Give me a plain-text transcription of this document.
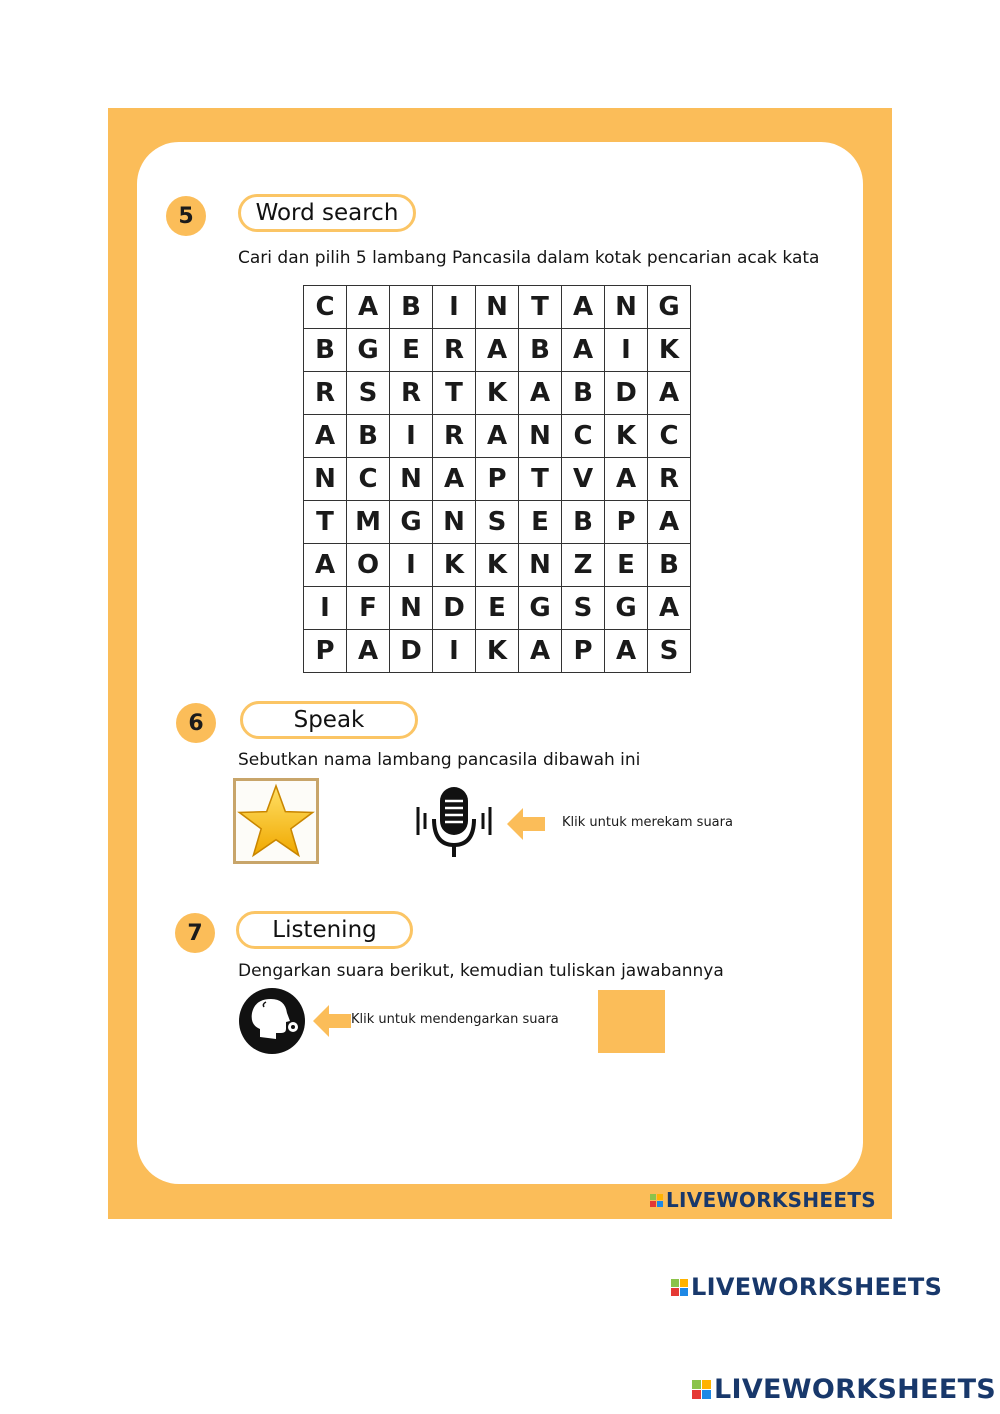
5	Word search
Cari dan pilih 5 lambang Pancasila dalam kotak pencarian acak kata
C A B	I	N T A N G
B G E R A B A	I	K
R S R T K A B D A
A B	I	R A N C K C
N C N A P T V A R
T M G N S E B P A
A O	I	K K N Z E B
I	F N D E G S G A
P A D	I	K A P A S
6	Speak
Sebutkan nama lambang pancasila dibawah ini
Klik untuk merekam suara
7	Listening
Dengarkan suara berikut, kemudian tuliskan jawabannya
Klik untuk mendengarkan suara
LIVEWORKSHEETS
LIVEWORKSHEETS
LIVEWORKSHEETS
